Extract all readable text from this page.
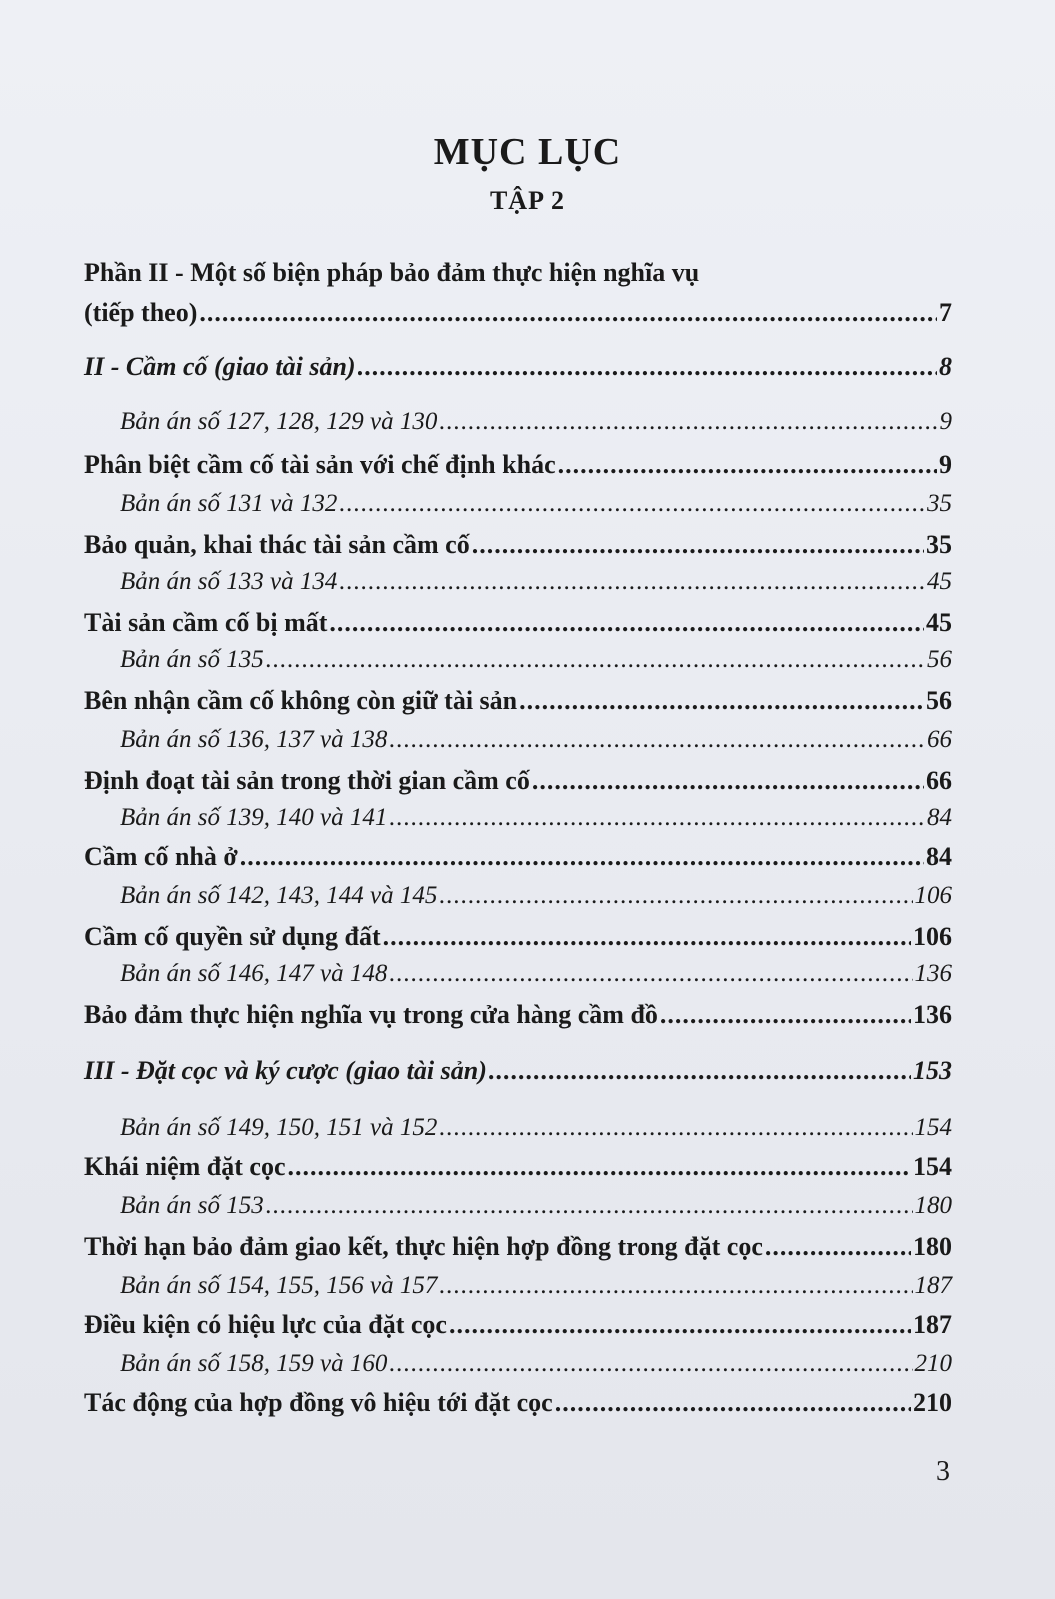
MỤC LỤC
TẬP 2
Phần II - Một số biện pháp bảo đảm thực hiện nghĩa vụ
(tiếp theo) .....	7
II - Cầm cố (giao tài sản) .....	8
Bản án số 127, 128, 129 và 130 .....	9
Phân biệt cầm cố tài sản với chế định khác .....	9
Bản án số 131 và 132 .....	35
Bảo quản, khai thác tài sản cầm cố .....	35
Bản án số 133 và 134 .....	45
Tài sản cầm cố bị mất .....	45
Bản án số 135 .....	56
Bên nhận cầm cố không còn giữ tài sản .....	56
Bản án số 136, 137 và 138 .....	66
Định đoạt tài sản trong thời gian cầm cố .....	66
Bản án số 139, 140 và 141 .....	84
Cầm cố nhà ở .....	84
Bản án số 142, 143, 144 và 145 .....	106
Cầm cố quyền sử dụng đất .....	106
Bản án số 146, 147 và 148 .....	136
Bảo đảm thực hiện nghĩa vụ trong cửa hàng cầm đồ .....	136
III - Đặt cọc và ký cược (giao tài sản) .....	153
Bản án số 149, 150, 151 và 152 .....	154
Khái niệm đặt cọc .....	154
Bản án số 153 .....	180
Thời hạn bảo đảm giao kết, thực hiện hợp đồng trong đặt cọc .....	180
Bản án số 154, 155, 156 và 157 .....	187
Điều kiện có hiệu lực của đặt cọc .....	187
Bản án số 158, 159 và 160 .....	210
Tác động của hợp đồng vô hiệu tới đặt cọc .....	210
3
